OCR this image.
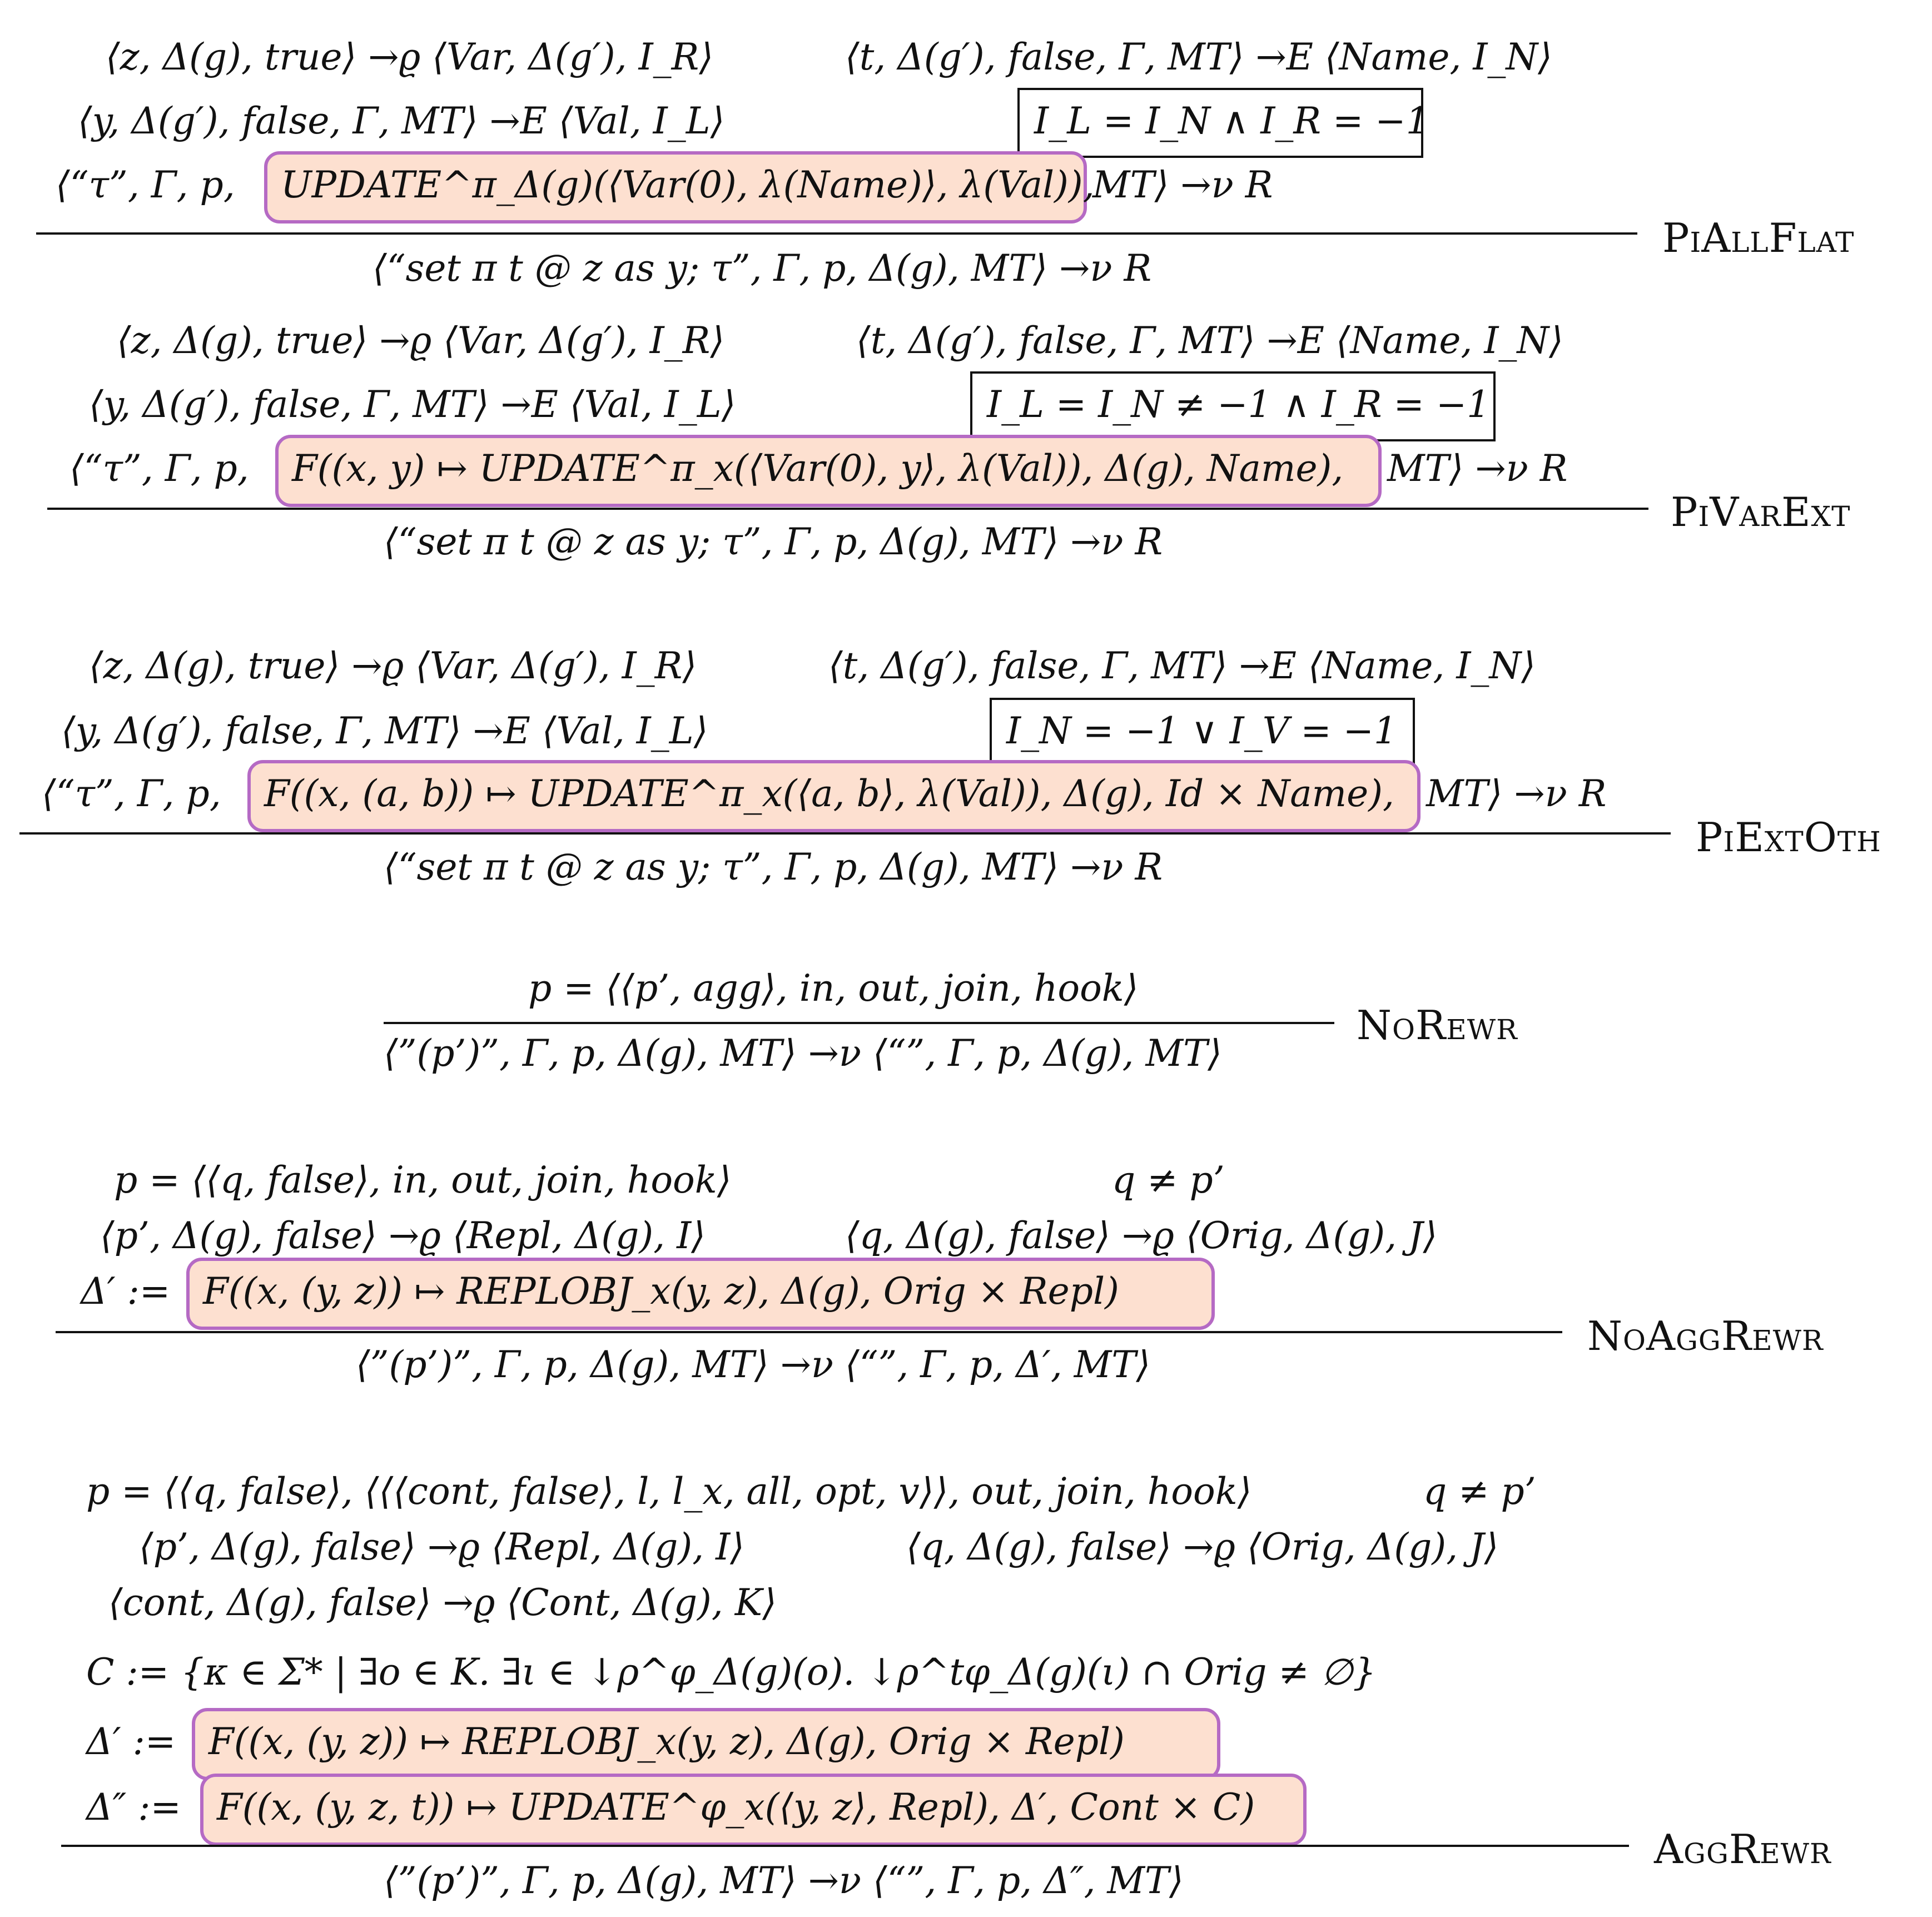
⟨z, Δ(g), true⟩ →ϱ ⟨Var, Δ(g′), I_R⟩	⟨t, Δ(g′), false, Γ, MT⟩ →E ⟨Name, I_N⟩
⟨y, Δ(g′), false, Γ, MT⟩ →E ⟨Val, I_L⟩	I_L = I_N ∧ I_R = −1
⟨“τ”, Γ, p, UPDATE^π_Δ(g)(⟨Var(0), λ(Name)⟩, λ(Val)),
MT⟩ →ν R
PiAllFlat
⟨“set π t @ z as y; τ”, Γ, p, Δ(g), MT⟩ →ν R
⟨z, Δ(g), true⟩ →ϱ ⟨Var, Δ(g′), I_R⟩	⟨t, Δ(g′), false, Γ, MT⟩ →E ⟨Name, I_N⟩
⟨y, Δ(g′), false, Γ, MT⟩ →E ⟨Val, I_L⟩	I_L = I_N ≠ −1 ∧ I_R = −1
⟨“τ”, Γ, p, F((x, y) ↦ UPDATE^π_x(⟨Var(0), y⟩, λ(Val)), Δ(g), Name), MT⟩ →ν R
PiVarExt
⟨“set π t @ z as y; τ”, Γ, p, Δ(g), MT⟩ →ν R
⟨z, Δ(g), true⟩ →ϱ ⟨Var, Δ(g′), I_R⟩	⟨t, Δ(g′), false, Γ, MT⟩ →E ⟨Name, I_N⟩
⟨y, Δ(g′), false, Γ, MT⟩ →E ⟨Val, I_L⟩	I_N = −1 ∨ I_V = −1
⟨“τ”, Γ, p, F((x, (a, b)) ↦ UPDATE^π_x(⟨a, b⟩, λ(Val)), Δ(g), Id × Name), MT⟩ →ν R
PiExtOth
⟨“set π t @ z as y; τ”, Γ, p, Δ(g), MT⟩ →ν R
p = ⟨⟨p’, agg⟩, in, out, join, hook⟩
NoRewr
⟨”(p’)”, Γ, p, Δ(g), MT⟩ →ν ⟨“”, Γ, p, Δ(g), MT⟩
p = ⟨⟨q, false⟩, in, out, join, hook⟩	q ≠ p’
⟨p’, Δ(g), false⟩ →ϱ ⟨Repl, Δ(g), I⟩	⟨q, Δ(g), false⟩ →ϱ ⟨Orig, Δ(g), J⟩
Δ′ := F((x, (y, z)) ↦ REPLOBJ_x(y, z), Δ(g), Orig × Repl)
NoAggRewr
⟨”(p’)”, Γ, p, Δ(g), MT⟩ →ν ⟨“”, Γ, p, Δ′, MT⟩
p = ⟨⟨q, false⟩, ⟨⟨⟨cont, false⟩, l, l_x, all, opt, v⟩⟩, out, join, hook⟩	q ≠ p’
⟨p’, Δ(g), false⟩ →ϱ ⟨Repl, Δ(g), I⟩	⟨q, Δ(g), false⟩ →ϱ ⟨Orig, Δ(g), J⟩
⟨cont, Δ(g), false⟩ →ϱ ⟨Cont, Δ(g), K⟩
C := {κ ∈ Σ* | ∃o ∈ K. ∃ι ∈ ↓ρ^φ_Δ(g)(o). ↓ρ^tφ_Δ(g)(ι) ∩ Orig ≠ ∅}
Δ′ := F((x, (y, z)) ↦ REPLOBJ_x(y, z), Δ(g), Orig × Repl)
Δ″ := F((x, (y, z, t)) ↦ UPDATE^φ_x(⟨y, z⟩, Repl), Δ′, Cont × C)
AggRewr
⟨”(p’)”, Γ, p, Δ(g), MT⟩ →ν ⟨“”, Γ, p, Δ″, MT⟩
